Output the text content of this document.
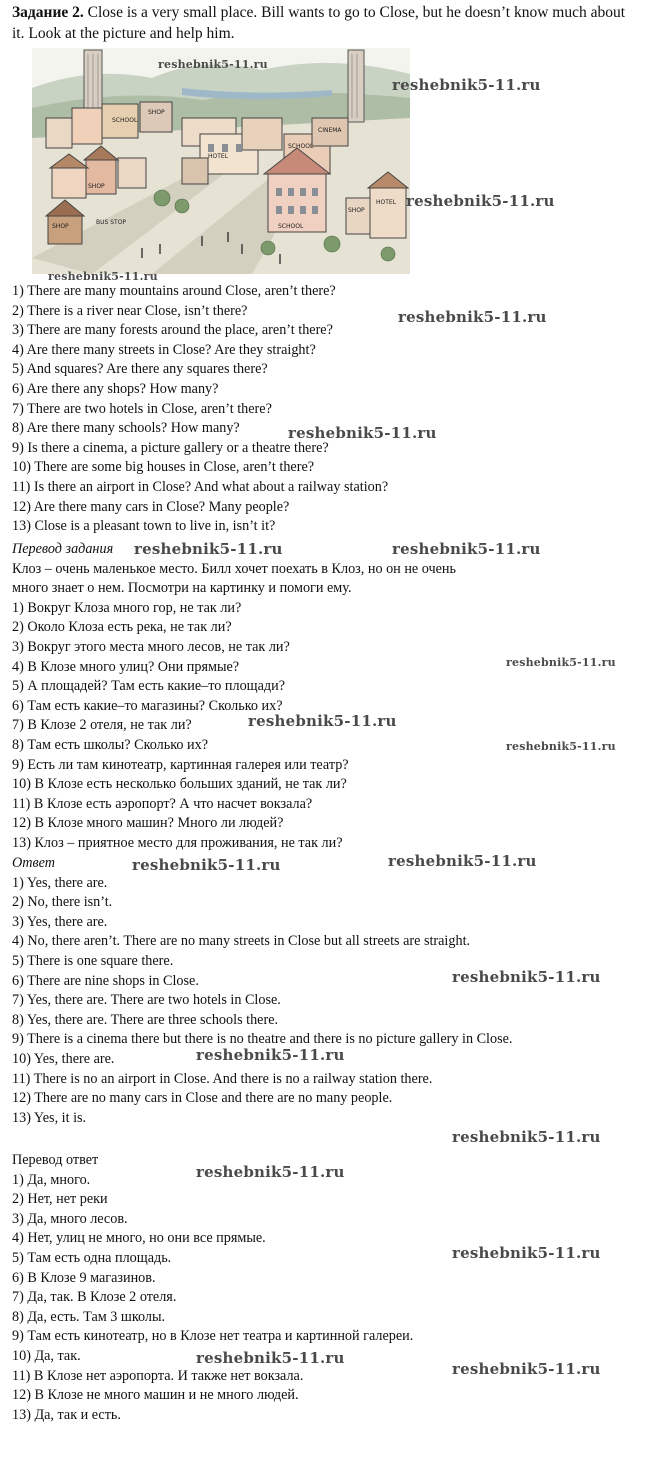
Задание 2. Close is a very small place. Bill wants to go to Close, but he doesn’t know much about it. Look at the picture and help him.
SCHOOL
SHOP
HOTEL
SCHOOL
CINEMA
SHOP
SHOP
BUS STOP
SCHOOL
SHOP
HOTEL
1) There are many mountains around Close, aren’t there?
2) There is a river near Close, isn’t there?
3) There are many forests around the place, aren’t there?
4) Are there many streets in Close? Are they straight?
5) And squares? Are there any squares there?
6) Are there any shops? How many?
7) There are two hotels in Close, aren’t there?
8) Are there many schools? How many?
9) Is there a cinema, a picture gallery or a theatre there?
10) There are some big houses in Close, aren’t there?
11) Is there an airport in Close? And what about a railway station?
12) Are there many cars in Close? Many people?
13) Close is a pleasant town to live in, isn’t it?
Перевод задания
Клоз – очень маленькое место. Билл хочет поехать в Клоз, но он не очень
много знает о нем. Посмотри на картинку и помоги ему.
1) Вокруг Клоза много гор, не так ли?
2) Около Клоза есть река, не так ли?
3) Вокруг этого места много лесов, не так ли?
4) В Клозе много улиц? Они прямые?
5) А площадей? Там есть какие–то площади?
6) Там есть какие–то магазины? Сколько их?
7) В Клозе 2 отеля, не так ли?
8) Там есть школы? Сколько их?
9) Есть ли там кинотеатр, картинная галерея или театр?
10) В Клозе есть несколько больших зданий, не так ли?
11) В Клозе есть аэропорт? А что насчет вокзала?
12) В Клозе много машин? Много ли людей?
13) Клоз – приятное место для проживания, не так ли?
Ответ
1) Yes, there are.
2) No, there isn’t.
3) Yes, there are.
4) No, there aren’t. There are no many streets in Close but all streets are straight.
5) There is one square there.
6) There are nine shops in Close.
7) Yes, there are. There are two hotels in Close.
8) Yes, there are. There are three schools there.
9) There is a cinema there but there is no theatre and there is no picture gallery in Close.
10) Yes, there are.
11) There is no an airport in Close. And there is no a railway station there.
12) There are no many cars in Close and there are no many people.
13) Yes, it is.
Перевод ответ
1) Да, много.
2) Нет, нет реки
3) Да, много лесов.
4) Нет, улиц не много, но они все прямые.
5) Там есть одна площадь.
6) В Клозе 9 магазинов.
7) Да, так. В Клозе 2 отеля.
8) Да, есть. Там 3 школы.
9) Там есть кинотеатр, но в Клозе нет театра и картинной галереи.
10) Да, так.
11) В Клозе нет аэропорта. И также нет вокзала.
12) В Клозе не много машин и не много людей.
13) Да, так и есть.
reshebnik5-11.ru
reshebnik5-11.ru
reshebnik5-11.ru
reshebnik5-11.ru
reshebnik5-11.ru
reshebnik5-11.ru
reshebnik5-11.ru	reshebnik5-11.ru
reshebnik5-11.ru
reshebnik5-11.ru
reshebnik5-11.ru
reshebnik5-11.ru	reshebnik5-11.ru
reshebnik5-11.ru
reshebnik5-11.ru
reshebnik5-11.ru
reshebnik5-11.ru
reshebnik5-11.ru
reshebnik5-11.ru
reshebnik5-11.ru
